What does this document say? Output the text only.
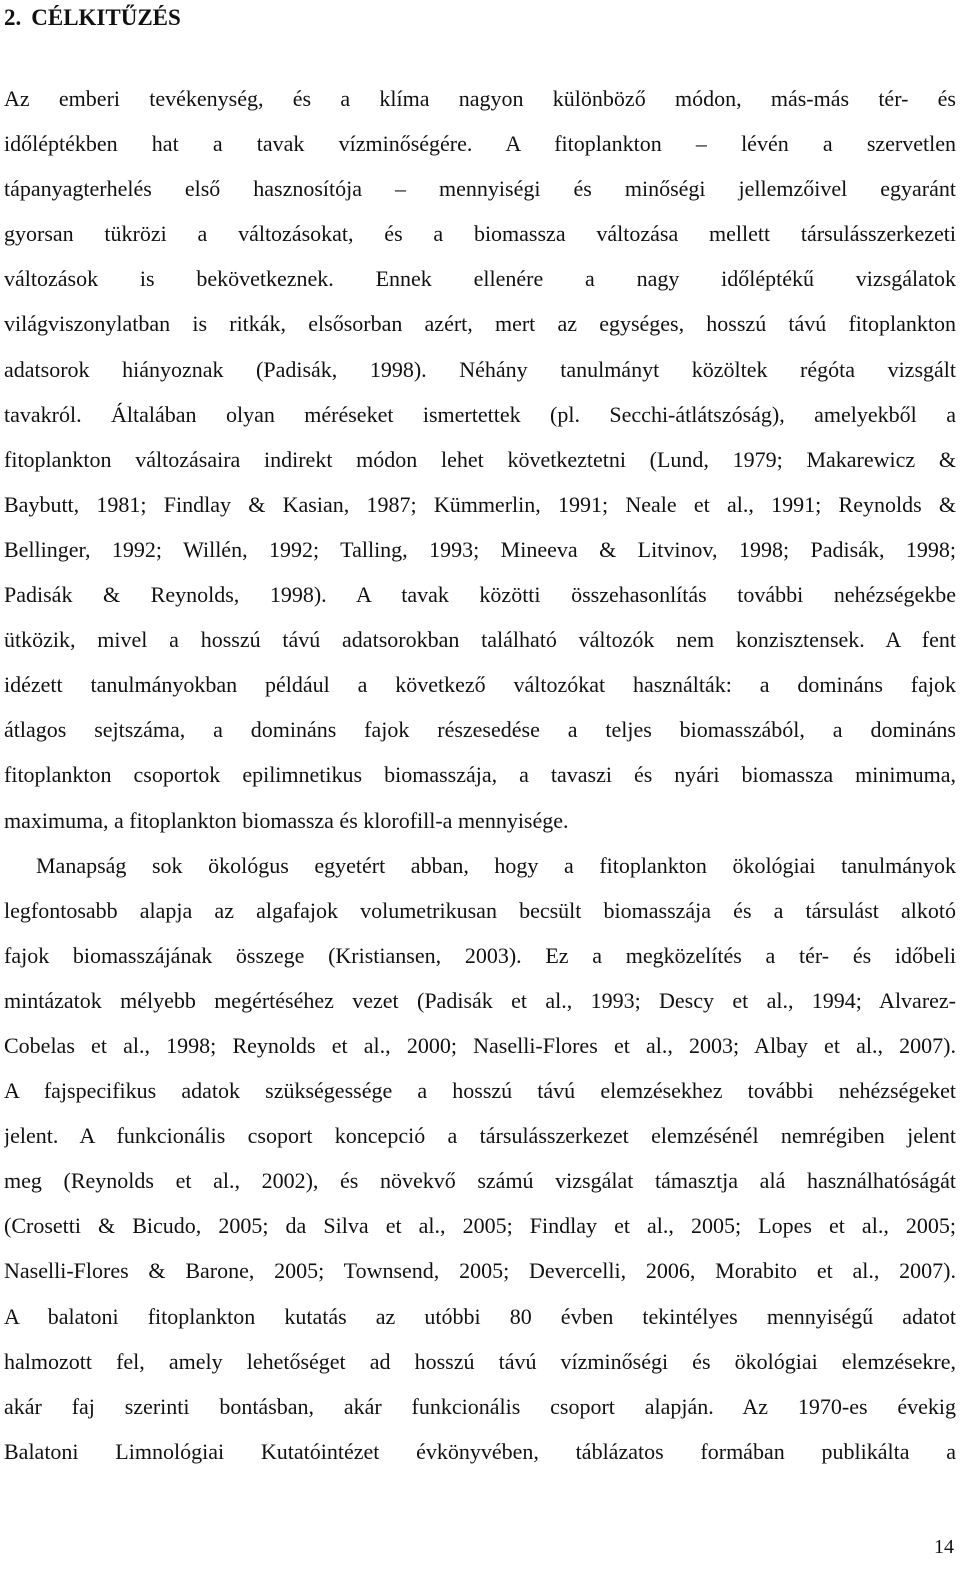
2. CÉLKITŰZÉS
Az emberi tevékenység, és a klíma nagyon különböző módon, más-más tér- és
időléptékben hat a tavak vízminőségére. A fitoplankton – lévén a szervetlen
tápanyagterhelés első hasznosítója – mennyiségi és minőségi jellemzőivel egyaránt
gyorsan tükrözi a változásokat, és a biomassza változása mellett társulásszerkezeti
változások is bekövetkeznek. Ennek ellenére a nagy időléptékű vizsgálatok
világviszonylatban is ritkák, elsősorban azért, mert az egységes, hosszú távú fitoplankton
adatsorok hiányoznak (Padisák, 1998). Néhány tanulmányt közöltek régóta vizsgált
tavakról. Általában olyan méréseket ismertettek (pl. Secchi-átlátszóság), amelyekből a
fitoplankton változásaira indirekt módon lehet következtetni (Lund, 1979; Makarewicz &
Baybutt, 1981; Findlay & Kasian, 1987; Kümmerlin, 1991; Neale et al., 1991; Reynolds &
Bellinger, 1992; Willén, 1992; Talling, 1993; Mineeva & Litvinov, 1998; Padisák, 1998;
Padisák & Reynolds, 1998). A tavak közötti összehasonlítás további nehézségekbe
ütközik, mivel a hosszú távú adatsorokban található változók nem konzisztensek. A fent
idézett tanulmányokban például a következő változókat használták: a domináns fajok
átlagos sejtszáma, a domináns fajok részesedése a teljes biomasszából, a domináns
fitoplankton csoportok epilimnetikus biomasszája, a tavaszi és nyári biomassza minimuma,
maximuma, a fitoplankton biomassza és klorofill-a mennyisége.
Manapság sok ökológus egyetért abban, hogy a fitoplankton ökológiai tanulmányok
legfontosabb alapja az algafajok volumetrikusan becsült biomasszája és a társulást alkotó
fajok biomasszájának összege (Kristiansen, 2003). Ez a megközelítés a tér- és időbeli
mintázatok mélyebb megértéséhez vezet (Padisák et al., 1993; Descy et al., 1994; Alvarez-
Cobelas et al., 1998; Reynolds et al., 2000; Naselli-Flores et al., 2003; Albay et al., 2007).
A fajspecifikus adatok szükségessége a hosszú távú elemzésekhez további nehézségeket
jelent. A funkcionális csoport koncepció a társulásszerkezet elemzésénél nemrégiben jelent
meg (Reynolds et al., 2002), és növekvő számú vizsgálat támasztja alá használhatóságát
(Crosetti & Bicudo, 2005; da Silva et al., 2005; Findlay et al., 2005; Lopes et al., 2005;
Naselli-Flores & Barone, 2005; Townsend, 2005; Devercelli, 2006, Morabito et al., 2007).
A balatoni fitoplankton kutatás az utóbbi 80 évben tekintélyes mennyiségű adatot
halmozott fel, amely lehetőséget ad hosszú távú vízminőségi és ökológiai elemzésekre,
akár faj szerinti bontásban, akár funkcionális csoport alapján. Az 1970-es évekig
Balatoni Limnológiai Kutatóintézet évkönyvében, táblázatos formában publikálta a
14
